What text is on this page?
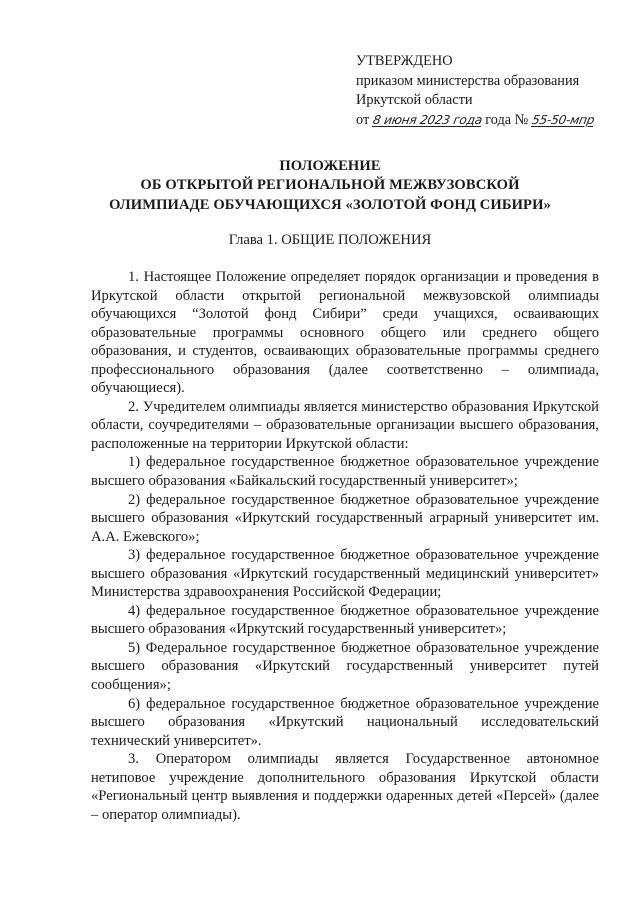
УТВЕРЖДЕНО
приказом министерства образования
Иркутской области
от 8 июня 2023 года года № 55-50-мпр
ПОЛОЖЕНИЕ
ОБ ОТКРЫТОЙ РЕГИОНАЛЬНОЙ МЕЖВУЗОВСКОЙ
ОЛИМПИАДЕ ОБУЧАЮЩИХСЯ «ЗОЛОТОЙ ФОНД СИБИРИ»
Глава 1. ОБЩИЕ ПОЛОЖЕНИЯ

1. Настоящее Положение определяет порядок организации и проведения в Иркутской области открытой региональной межвузовской олимпиады обучающихся “Золотой фонд Сибири” среди учащихся, осваивающих образовательные программы основного общего или среднего общего образования, и студентов, осваивающих образовательные программы среднего профессионального образования (далее соответственно – олимпиада, обучающиеся).

2. Учредителем олимпиады является министерство образования Иркутской области, соучредителями – образовательные организации высшего образования, расположенные на территории Иркутской области:

1) федеральное государственное бюджетное образовательное учреждение высшего образования «Байкальский государственный университет»;

2) федеральное государственное бюджетное образовательное учреждение высшего образования «Иркутский государственный аграрный университет им. А.А. Ежевского»;

3) федеральное государственное бюджетное образовательное учреждение высшего образования «Иркутский государственный медицинский университет» Министерства здравоохранения Российской Федерации;

4) федеральное государственное бюджетное образовательное учреждение высшего образования «Иркутский государственный университет»;

5) Федеральное государственное бюджетное образовательное учреждение высшего образования «Иркутский государственный университет путей сообщения»;

6) федеральное государственное бюджетное образовательное учреждение высшего образования «Иркутский национальный исследовательский технический университет».

3. Оператором олимпиады является Государственное автономное нетиповое учреждение дополнительного образования Иркутской области «Региональный центр выявления и поддержки одаренных детей «Персей» (далее – оператор олимпиады).
